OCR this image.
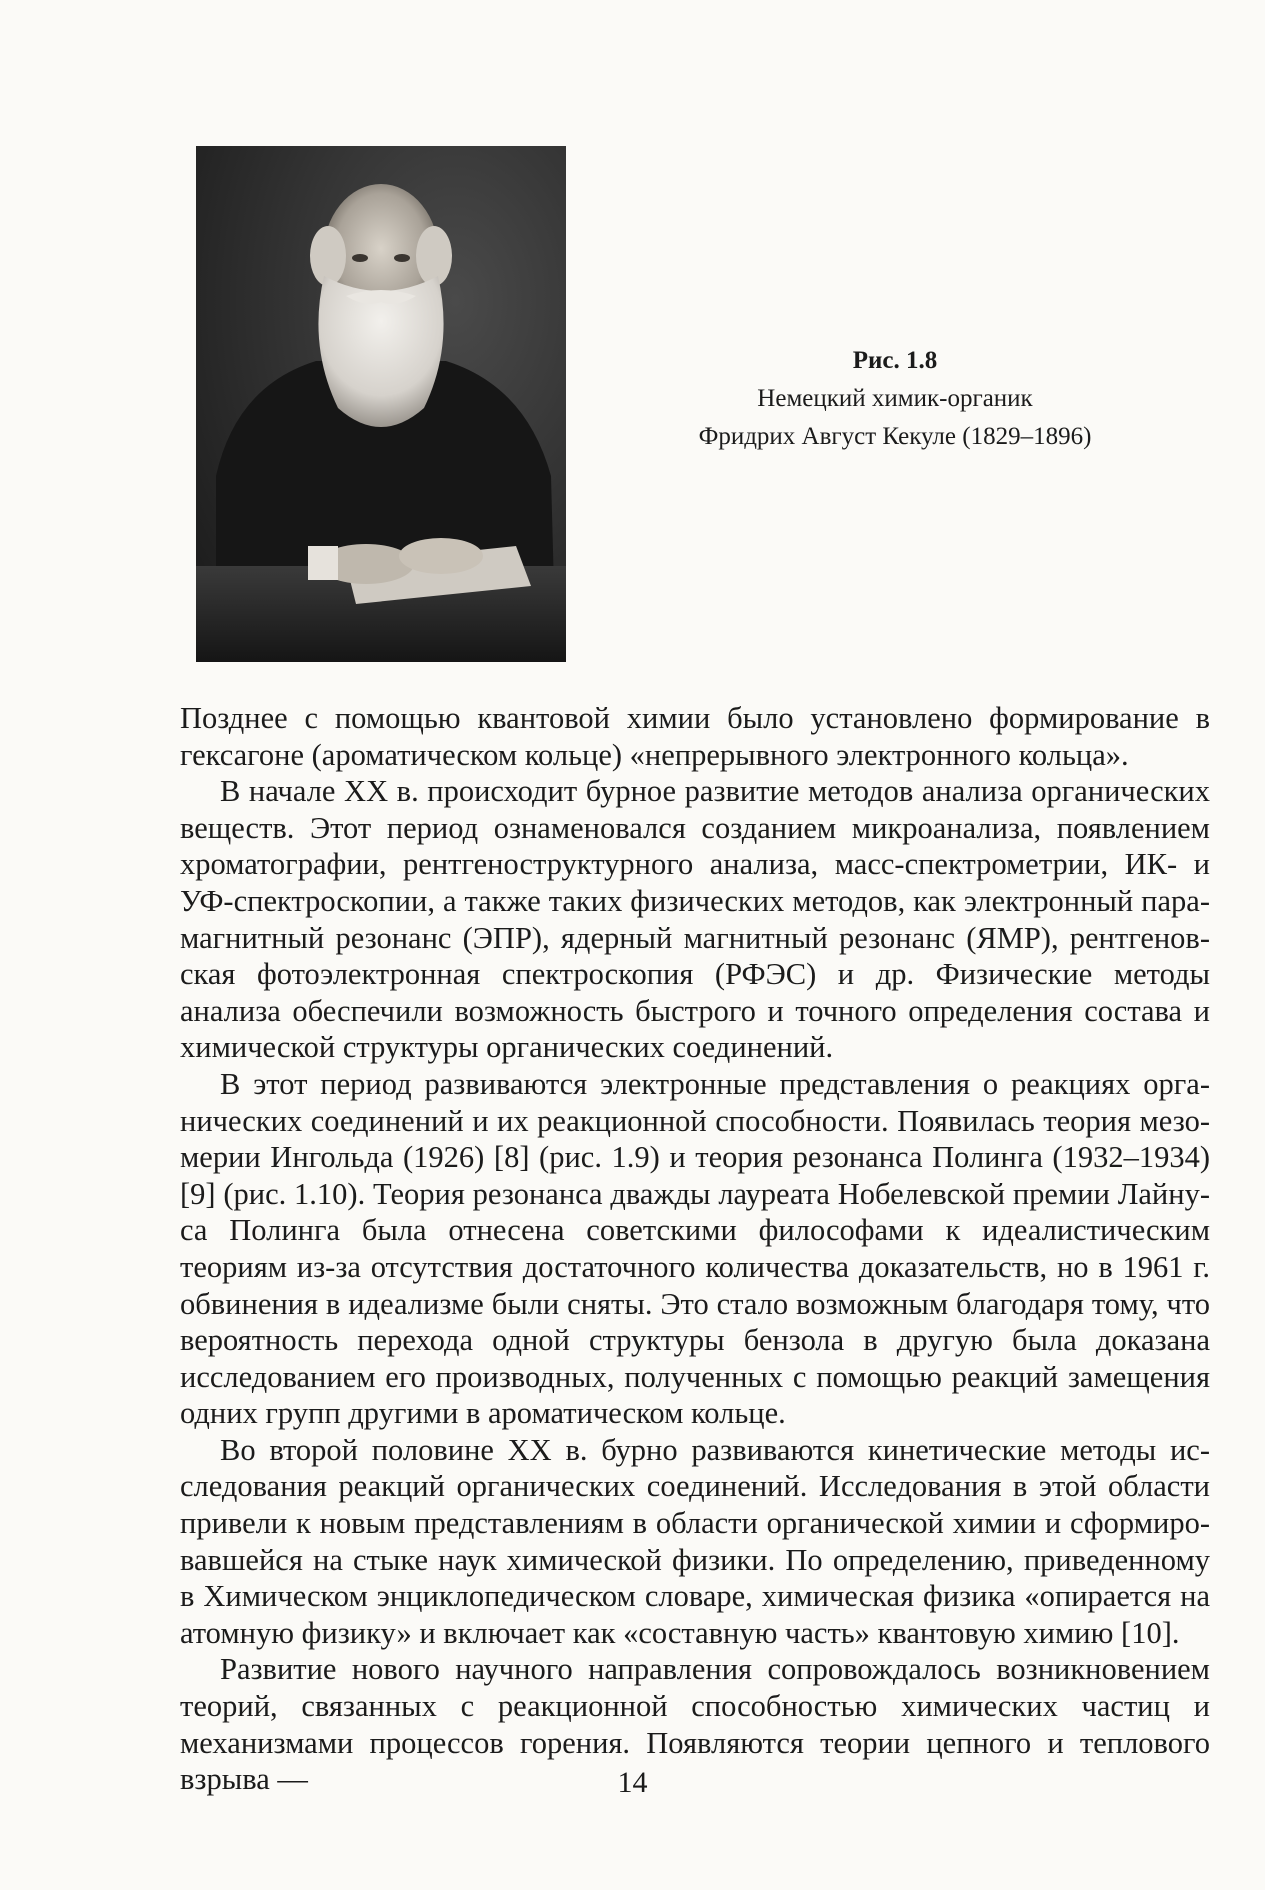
Рис. 1.8
Немецкий химик-органик
Фридрих Август Кекуле (1829–1896)

Позднее с помощью квантовой химии было установлено формирование в гексагоне (ароматическом кольце) «непрерывного электронного кольца».

В начале XX в. происходит бурное развитие методов анализа органических веществ. Этот период ознаменовался созданием микроанализа, появлением хроматографии, рентгеноструктурного анализа, масс-спектрометрии, ИК- и УФ-спектроскопии, а также таких физических методов, как электронный парамагнитный резонанс (ЭПР), ядерный магнитный резонанс (ЯМР), рентгеновская фотоэлектронная спектроскопия (РФЭС) и др. Физические методы анализа обеспечили возможность быстрого и точного определения состава и химической структуры органических соединений.

В этот период развиваются электронные представления о реакциях органических соединений и их реакционной способности. Появилась теория мезомерии Ингольда (1926) [8] (рис. 1.9) и теория резонанса Полинга (1932–1934) [9] (рис. 1.10). Теория резонанса дважды лауреата Нобелевской премии Лайнуса Полинга была отнесена советскими философами к идеалистическим теориям из-за отсутствия достаточного количества доказательств, но в 1961 г. обвинения в идеализме были сняты. Это стало возможным благодаря тому, что вероятность перехода одной структуры бензола в другую была доказана исследованием его производных, полученных с помощью реакций замещения одних групп другими в ароматическом кольце.

Во второй половине XX в. бурно развиваются кинетические методы исследования реакций органических соединений. Исследования в этой области привели к новым представлениям в области органической химии и сформировавшейся на стыке наук химической физики. По определению, приведенному в Химическом энциклопедическом словаре, химическая физика «опирается на атомную физику» и включает как «составную часть» квантовую химию [10].

Развитие нового научного направления сопровождалось возникновением теорий, связанных с реакционной способностью химических частиц и механизмами процессов горения. Появляются теории цепного и теплового взрыва —	14
